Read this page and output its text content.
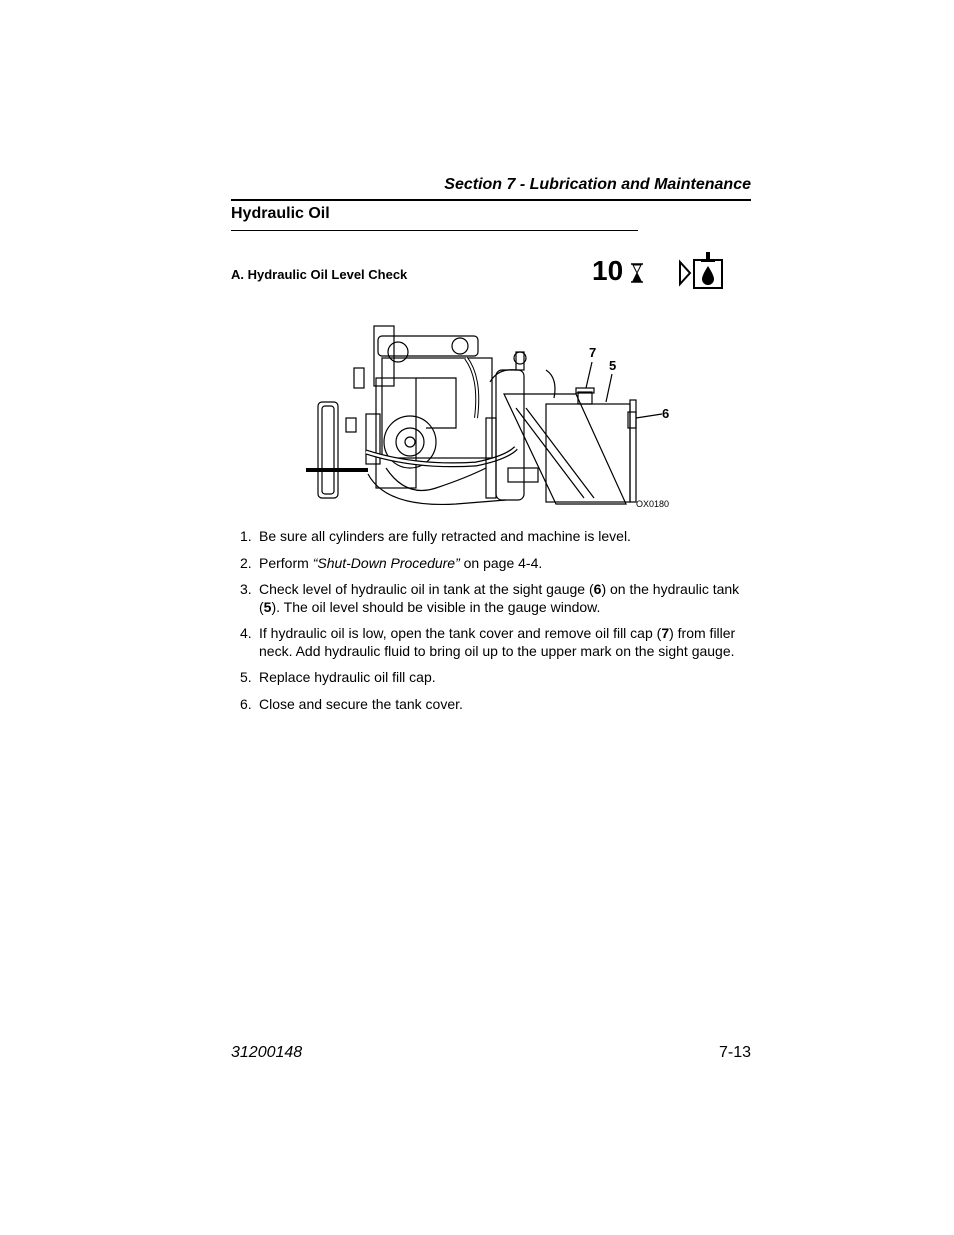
Section 7 - Lubrication and Maintenance
Hydraulic Oil
A. Hydraulic Oil Level Check	10
7
5
6
OX0180
1. Be sure all cylinders are fully retracted and machine is level.
2. Perform “Shut-Down Procedure” on page 4-4.
3. Check level of hydraulic oil in tank at the sight gauge (6) on the hydraulic tank (5). The oil level should be visible in the gauge window.
4. If hydraulic oil is low, open the tank cover and remove oil fill cap (7) from filler neck. Add hydraulic fluid to bring oil up to the upper mark on the sight gauge.
5. Replace hydraulic oil fill cap.
6. Close and secure the tank cover.
31200148	7-13
